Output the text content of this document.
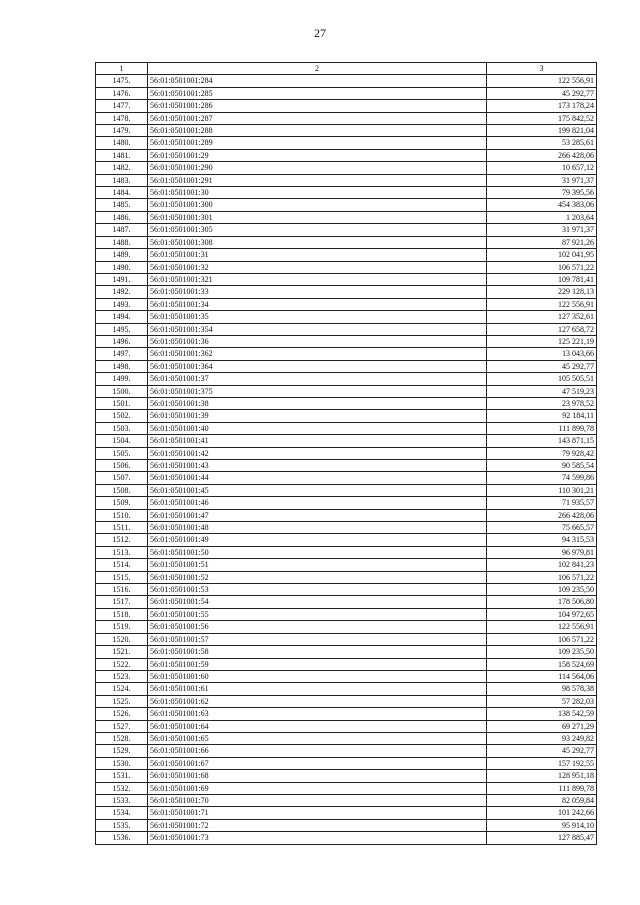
27
1	2	3
1475.	56:01:0501001:284	122 556,91
1476.	56:01:0501001:285	45 292,77
1477.	56:01:0501001:286	173 178,24
1478.	56:01:0501001:287	175 842,52
1479.	56:01:0501001:288	199 821,04
1480.	56:01:0501001:289	53 285,61
1481.	56:01:0501001:29	266 428,06
1482.	56:01:0501001:290	10 657,12
1483.	56:01:0501001:291	31 971,37
1484.	56:01:0501001:30	79 395,56
1485.	56:01:0501001:300	454 383,06
1486.	56:01:0501001:301	1 203,64
1487.	56:01:0501001:305	31 971,37
1488.	56:01:0501001:308	87 921,26
1489.	56:01:0501001:31	102 041,95
1490.	56:01:0501001:32	106 571,22
1491.	56:01:0501001:321	109 781,41
1492.	56:01:0501001:33	229 128,13
1493.	56:01:0501001:34	122 556,91
1494.	56:01:0501001:35	127 352,61
1495.	56:01:0501001:354	127 658,72
1496.	56:01:0501001:36	125 221,19
1497.	56:01:0501001:362	13 043,66
1498.	56:01:0501001:364	45 292,77
1499.	56:01:0501001:37	105 505,51
1500.	56:01:0501001:375	47 519,23
1501.	56:01:0501001:38	23 978,52
1502.	56:01:0501001:39	92 184,11
1503.	56:01:0501001:40	111 899,78
1504.	56:01:0501001:41	143 871,15
1505.	56:01:0501001:42	79 928,42
1506.	56:01:0501001:43	90 585,54
1507.	56:01:0501001:44	74 599,86
1508.	56:01:0501001:45	110 301,21
1509.	56:01:0501001:46	71 935,57
1510.	56:01:0501001:47	266 428,06
1511.	56:01:0501001:48	75 665,57
1512.	56:01:0501001:49	94 315,53
1513.	56:01:0501001:50	96 979,81
1514.	56:01:0501001:51	102 841,23
1515.	56:01:0501001:52	106 571,22
1516.	56:01:0501001:53	109 235,50
1517.	56:01:0501001:54	178 506,80
1518.	56:01:0501001:55	104 972,65
1519.	56:01:0501001:56	122 556,91
1520.	56:01:0501001:57	106 571,22
1521.	56:01:0501001:58	109 235,50
1522.	56:01:0501001:59	158 524,69
1523.	56:01:0501001:60	114 564,06
1524.	56:01:0501001:61	98 578,38
1525.	56:01:0501001:62	57 282,03
1526.	56:01:0501001:63	138 542,59
1527.	56:01:0501001:64	69 271,29
1528.	56:01:0501001:65	93 249,82
1529.	56:01:0501001:66	45 292,77
1530.	56:01:0501001:67	157 192,55
1531.	56:01:0501001:68	128 951,18
1532.	56:01:0501001:69	111 899,78
1533.	56:01:0501001:70	82 059,84
1534.	56:01:0501001:71	101 242,66
1535.	56:01:0501001:72	95 914,10
1536.	56:01:0501001:73	127 885,47
